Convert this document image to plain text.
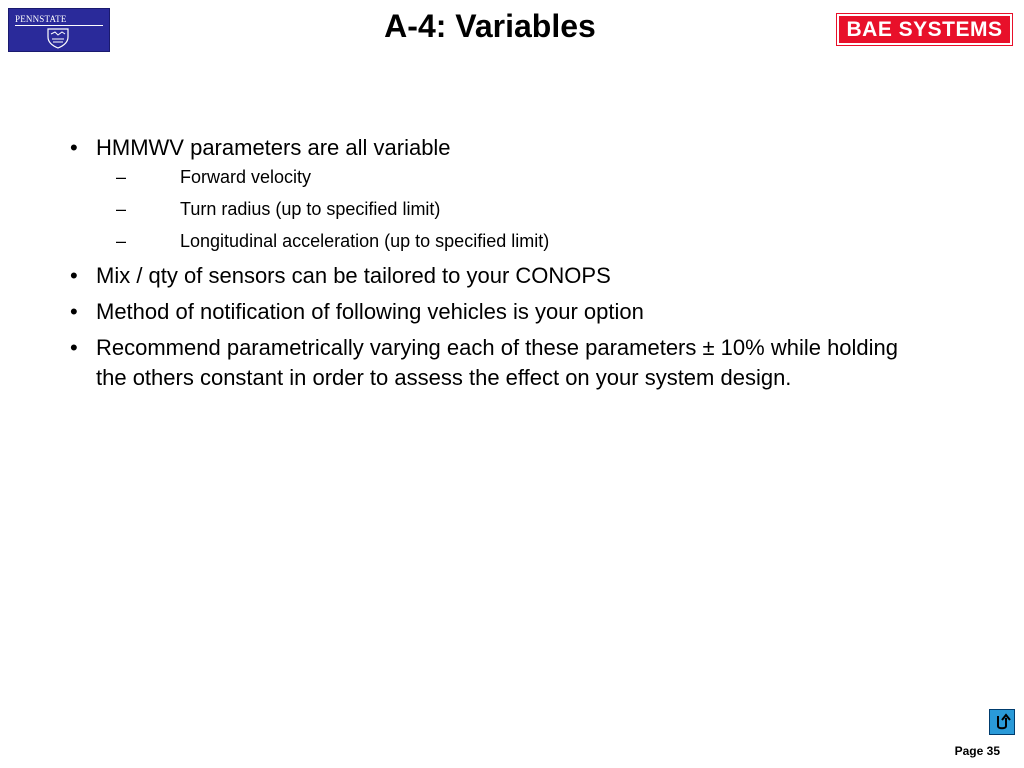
PENNSTATE	A-4: Variables	BAE SYSTEMS
• HMMWV parameters are all variable
–	Forward velocity
–	Turn radius (up to specified limit)
–	Longitudinal acceleration (up to specified limit)
• Mix / qty of sensors can be tailored to your CONOPS
• Method of notification of following vehicles is your option
• Recommend parametrically varying each of these parameters ± 10% while holding the others constant in order to assess the effect on your system design.
Page 35
